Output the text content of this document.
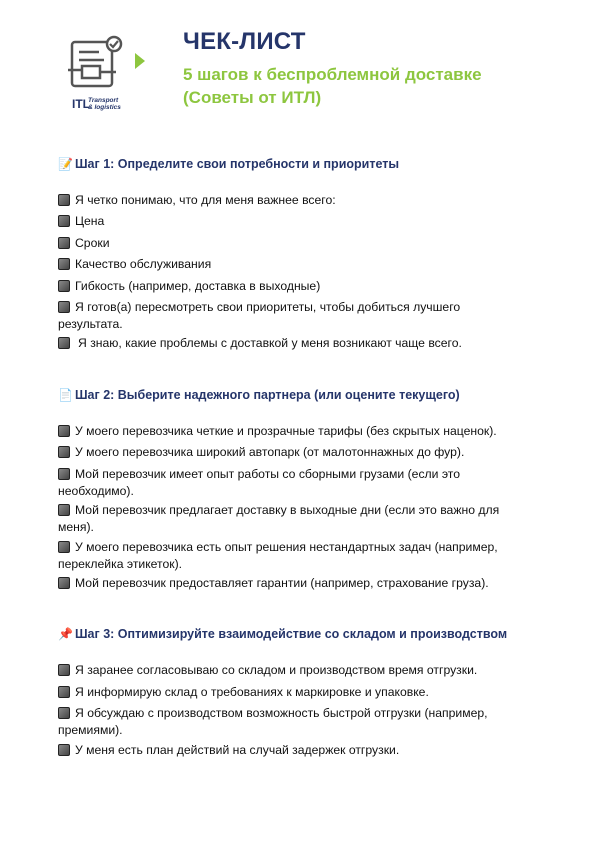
ITL
Transport
& logistics
ЧЕК-ЛИСТ
5 шагов к беспроблемной доставке
(Советы от ИТЛ)
📝 Шаг 1: Определите свои потребности и приоритеты
Я четко понимаю, что для меня важнее всего:
Цена
Сроки
Качество обслуживания
Гибкость (например, доставка в выходные)
Я готов(а) пересмотреть свои приоритеты, чтобы добиться лучшего результата.
Я знаю, какие проблемы с доставкой у меня возникают чаще всего.
📄 Шаг 2: Выберите надежного партнера (или оцените текущего)
У моего перевозчика четкие и прозрачные тарифы (без скрытых наценок).
У моего перевозчика широкий автопарк (от малотоннажных до фур).
Мой перевозчик имеет опыт работы со сборными грузами (если это необходимо).
Мой перевозчик предлагает доставку в выходные дни (если это важно для меня).
У моего перевозчика есть опыт решения нестандартных задач (например, переклейка этикеток).
Мой перевозчик предоставляет гарантии (например, страхование груза).
📌 Шаг 3: Оптимизируйте взаимодействие со складом и производством
Я заранее согласовываю со складом и производством время отгрузки.
Я информирую склад о требованиях к маркировке и упаковке.
Я обсуждаю с производством возможность быстрой отгрузки (например, премиями).
У меня есть план действий на случай задержек отгрузки.
